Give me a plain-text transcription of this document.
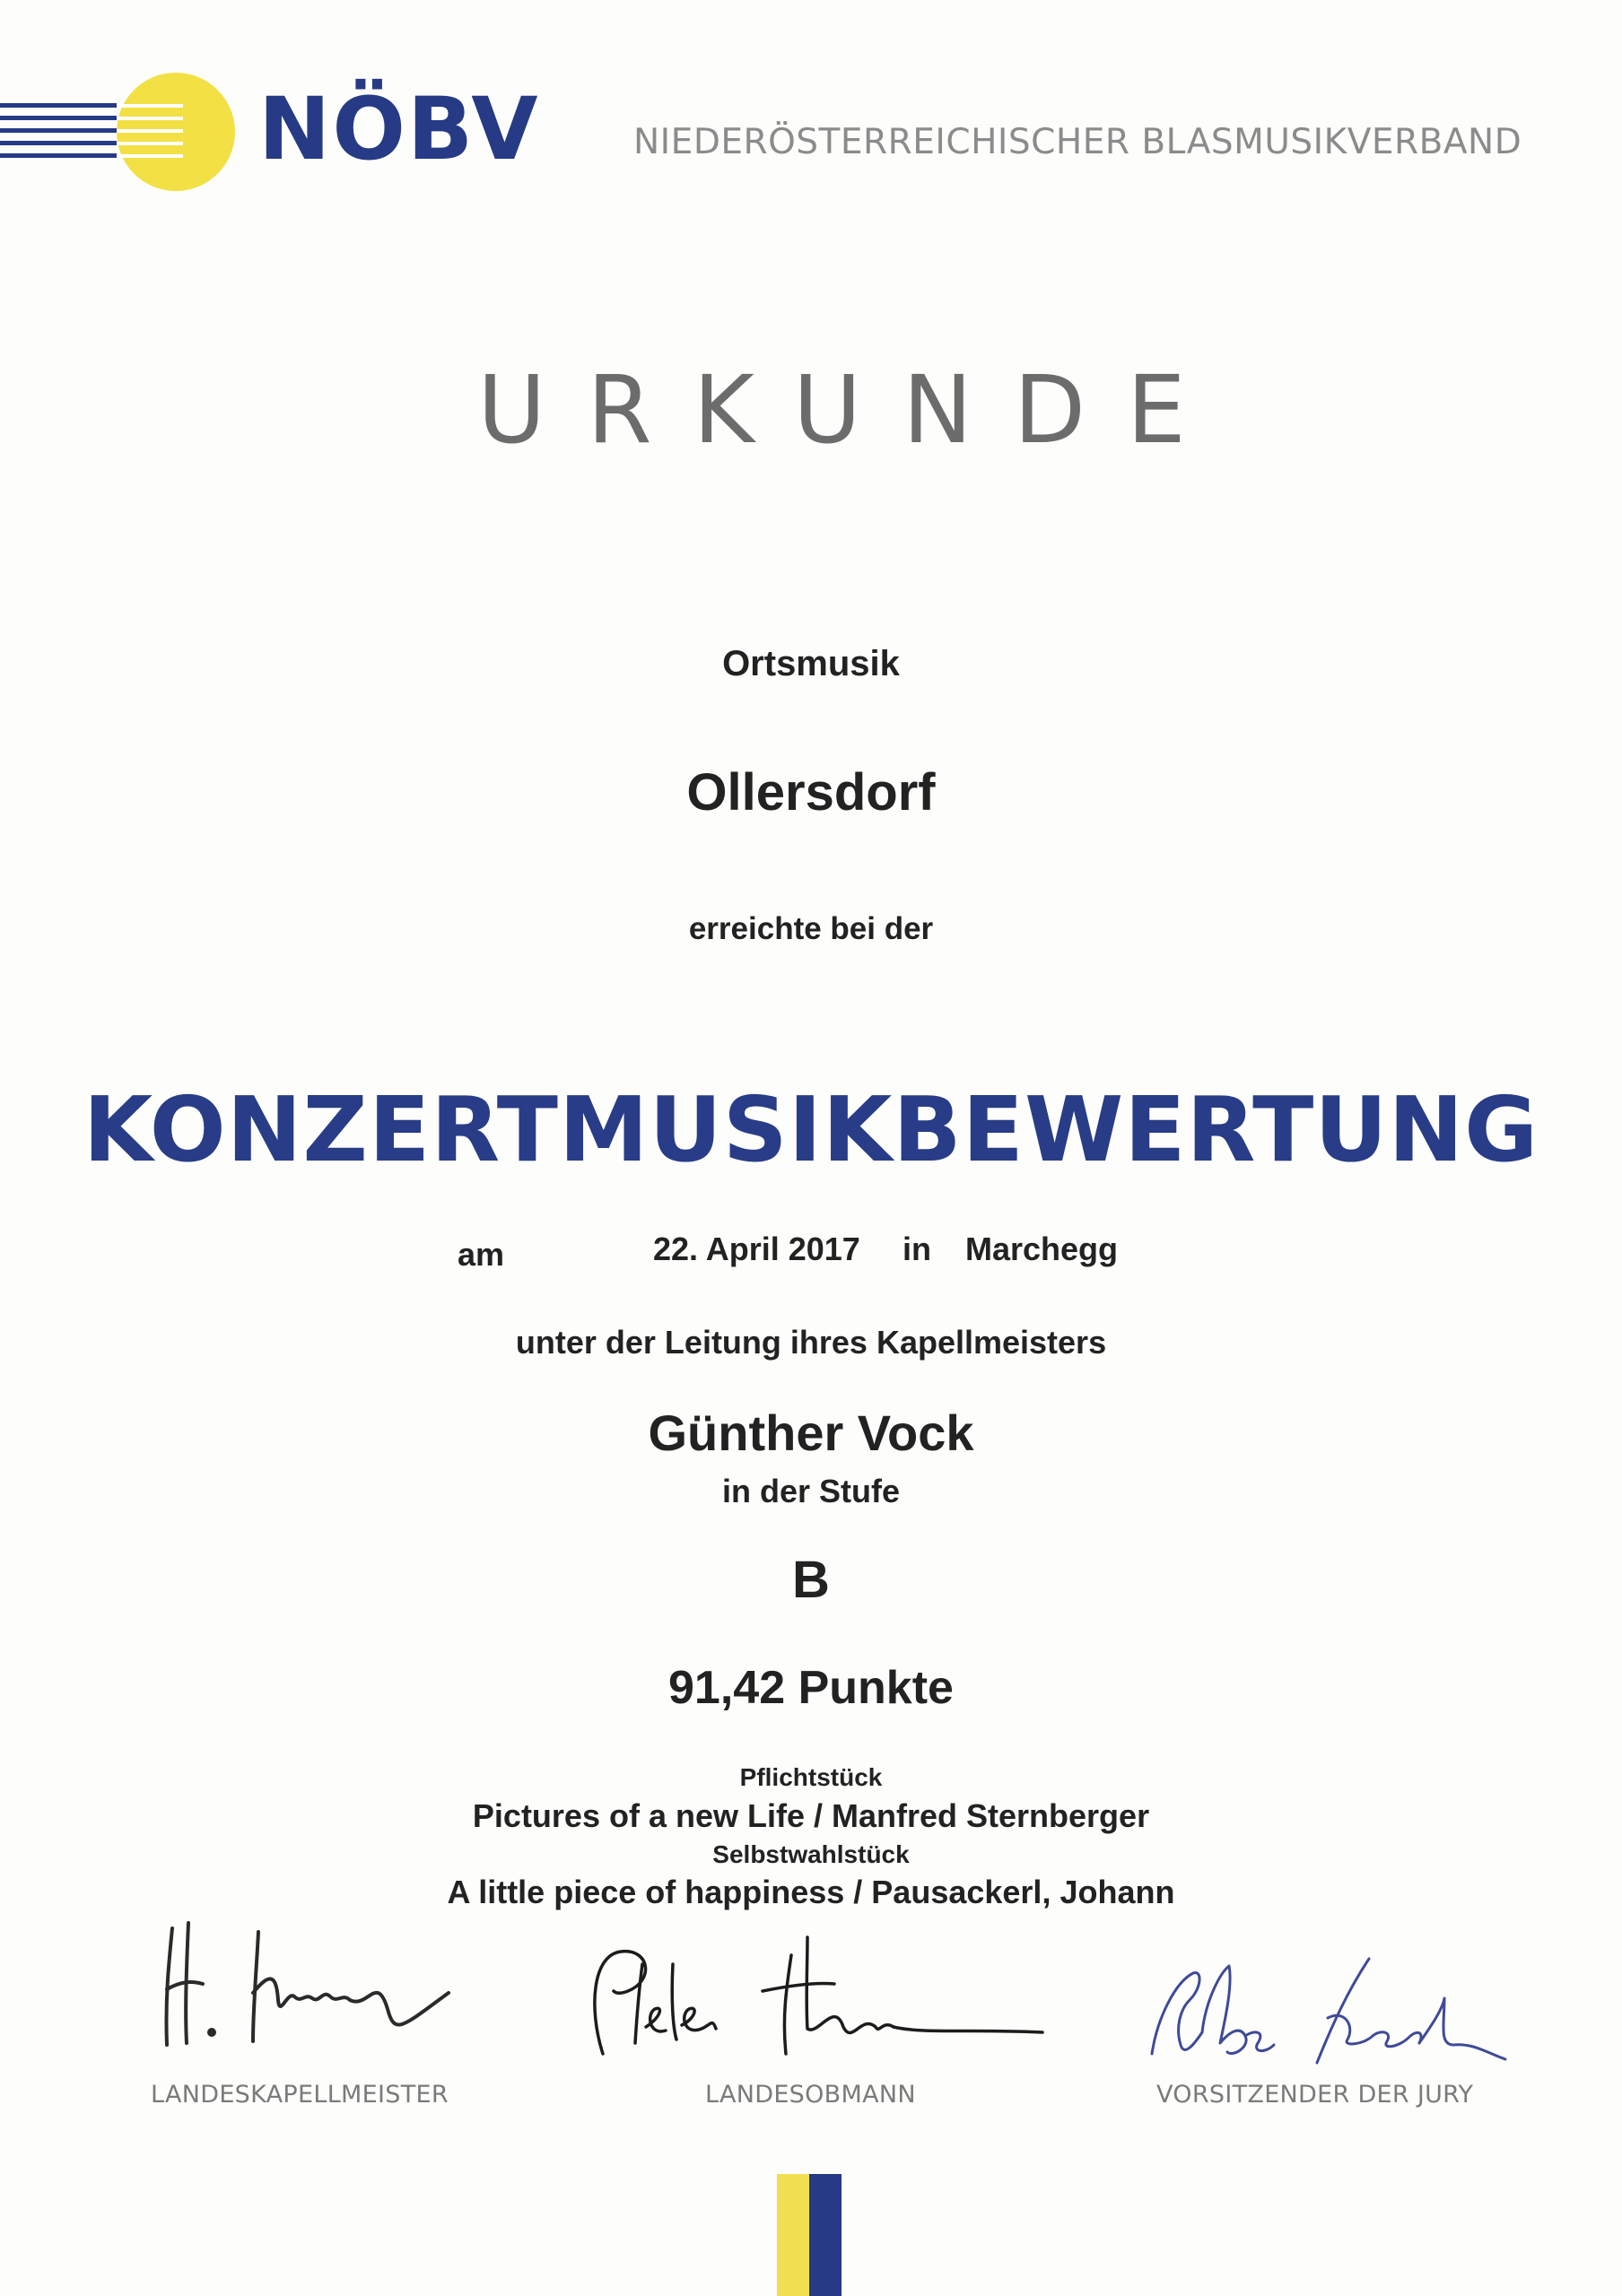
NÖBV	NIEDERÖSTERREICHISCHER BLASMUSIKVERBAND
URKUNDE
Ortsmusik
Ollersdorf
erreichte bei der
KONZERTMUSIKBEWERTUNG
am	22. April 2017 in Marchegg
unter der Leitung ihres Kapellmeisters
Günther Vock
in der Stufe
B
91,42 Punkte
Pflichtstück
Pictures of a new Life / Manfred Sternberger
Selbstwahlstück
A little piece of happiness / Pausackerl, Johann
LANDESKAPELLMEISTER	LANDESOBMANN	VORSITZENDER DER JURY
